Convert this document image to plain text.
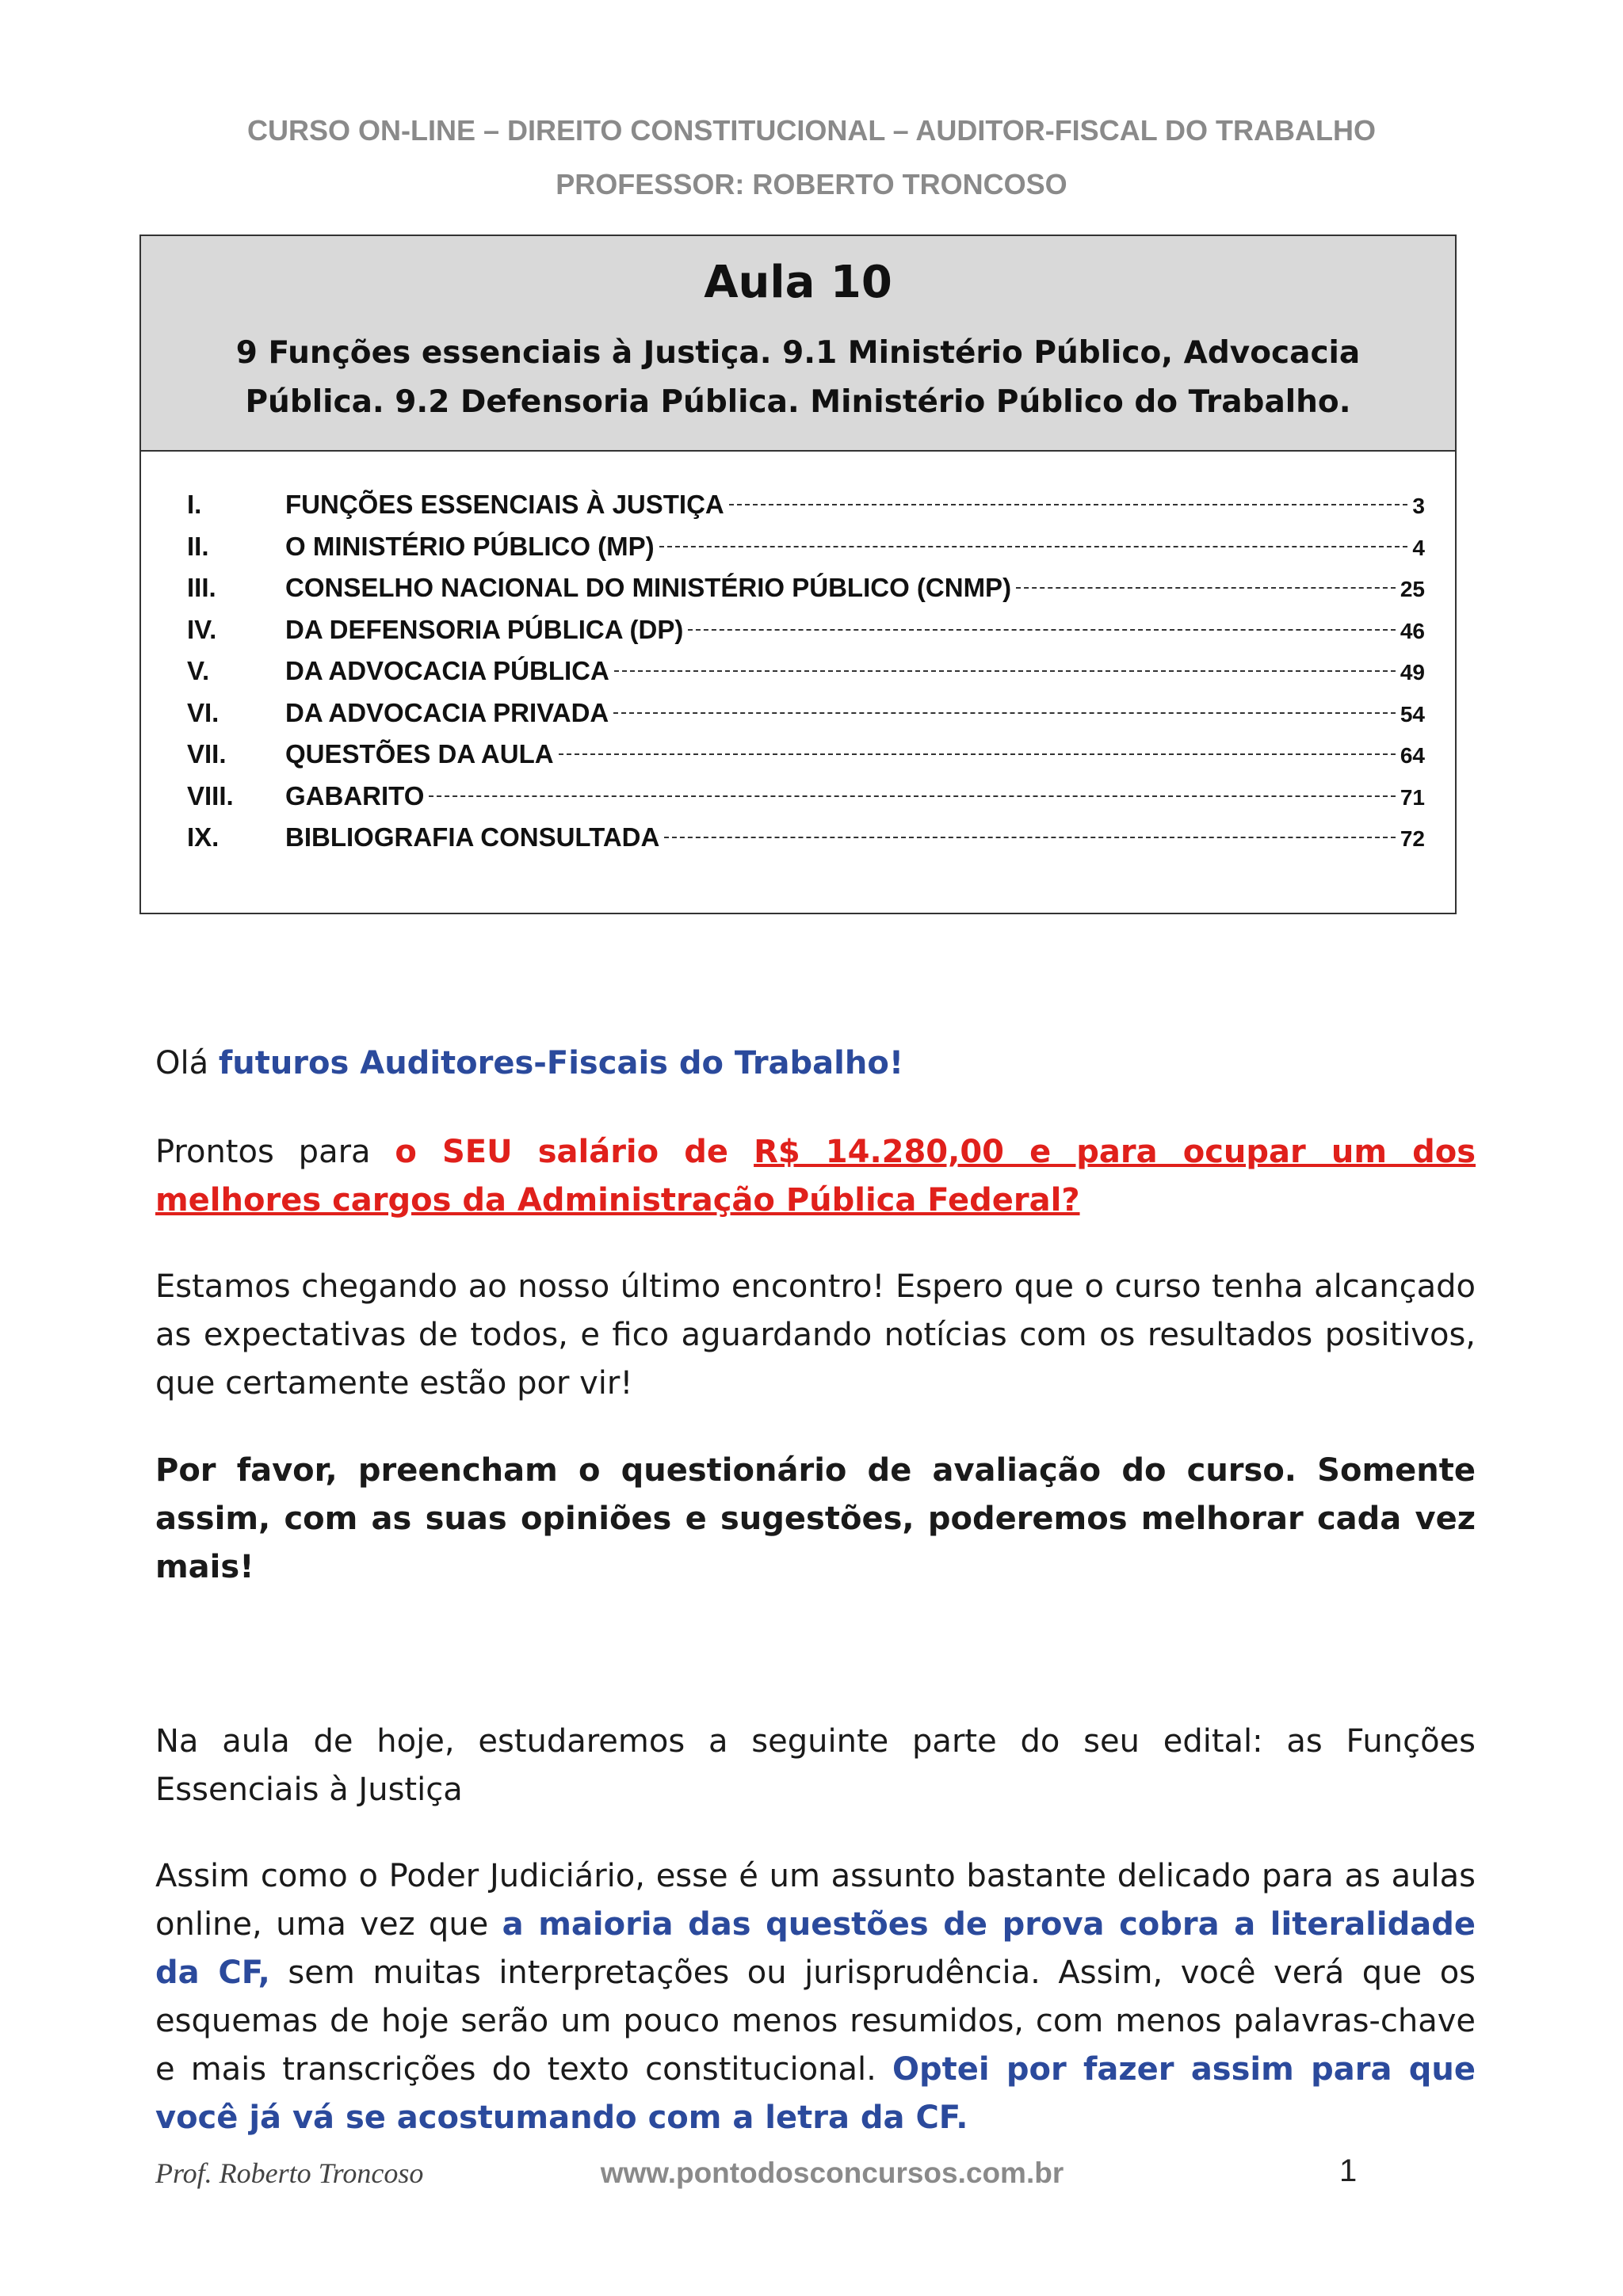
CURSO ON-LINE – DIREITO CONSTITUCIONAL – AUDITOR-FISCAL DO TRABALHO
PROFESSOR: ROBERTO TRONCOSO
Aula 10
9 Funções essenciais à Justiça. 9.1 Ministério Público, Advocacia
Pública. 9.2 Defensoria Pública. Ministério Público do Trabalho.
I.	FUNÇÕES ESSENCIAIS À JUSTIÇA	3
II.	O MINISTÉRIO PÚBLICO (MP)	4
III.	CONSELHO NACIONAL DO MINISTÉRIO PÚBLICO (CNMP)	25
IV.	DA DEFENSORIA PÚBLICA (DP)	46
V.	DA ADVOCACIA PÚBLICA	49
VI.	DA ADVOCACIA PRIVADA	54
VII.	QUESTÕES DA AULA	64
VIII.	GABARITO	71
IX.	BIBLIOGRAFIA CONSULTADA	72
Olá futuros Auditores-Fiscais do Trabalho!
Prontos para o SEU salário de R$ 14.280,00 e para ocupar um dos melhores cargos da Administração Pública Federal?
Estamos chegando ao nosso último encontro! Espero que o curso tenha alcançado as expectativas de todos, e fico aguardando notícias com os resultados positivos, que certamente estão por vir!
Por favor, preencham o questionário de avaliação do curso. Somente assim, com as suas opiniões e sugestões, poderemos melhorar cada vez mais!
Na aula de hoje, estudaremos a seguinte parte do seu edital: as Funções Essenciais à Justiça
Assim como o Poder Judiciário, esse é um assunto bastante delicado para as aulas online, uma vez que a maioria das questões de prova cobra a literalidade da CF, sem muitas interpretações ou jurisprudência. Assim, você verá que os esquemas de hoje serão um pouco menos resumidos, com menos palavras-chave e mais transcrições do texto constitucional. Optei por fazer assim para que você já vá se acostumando com a letra da CF.
Prof. Roberto Troncoso	www.pontodosconcursos.com.br	1
